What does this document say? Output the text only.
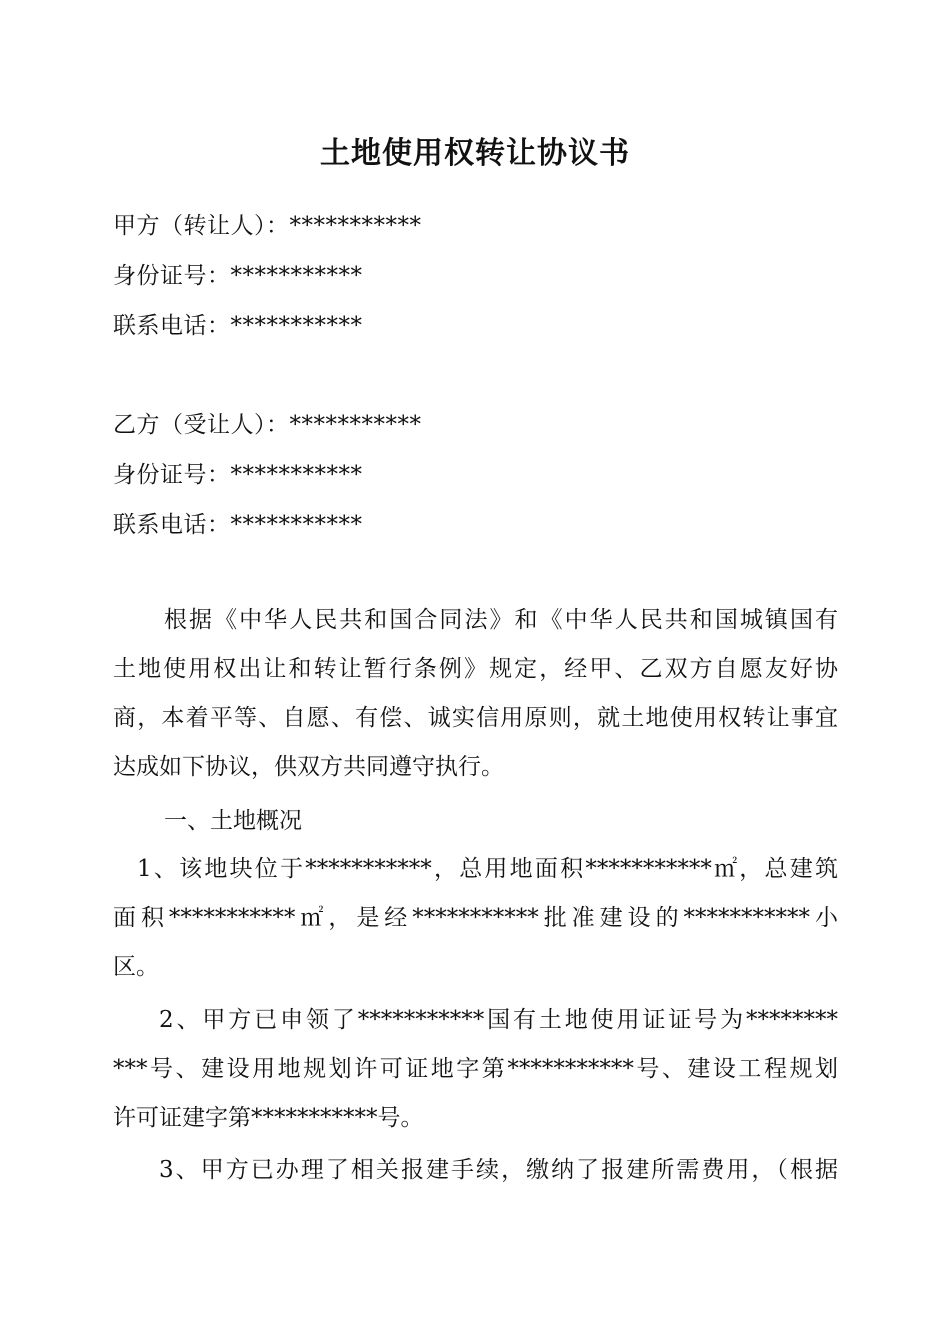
土地使用权转让协议书
甲方（转让人）：***********
身份证号：***********
联系电话：***********
乙方（受让人）：***********
身份证号：***********
联系电话：***********
根据《中华人民共和国合同法》和《中华人民共和国城镇国有
土地使用权出让和转让暂行条例》规定，经甲、乙双方自愿友好协
商，本着平等、自愿、有偿、诚实信用原则，就土地使用权转让事宜
达成如下协议，供双方共同遵守执行。
一、土地概况
1、该地块位于***********，总用地面积***********㎡，总建筑
面积***********㎡，是经***********批准建设的***********小
区。
2、甲方已申领了***********国有土地使用证证号为********
***号、建设用地规划许可证地字第***********号、建设工程规划
许可证建字第***********号。
3、甲方已办理了相关报建手续，缴纳了报建所需费用，（根据
